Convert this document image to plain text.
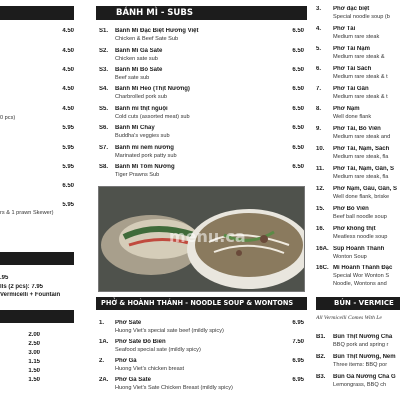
4.50
4.50
4.50
4.50
4.50
0 pcs)
5.95
5.95
5.95
6.50
5.95
rs & 1 prawn Skewer)
.95
lls (2 pcs): 7.95
Vermicelli + Fountain
2.00
2.50
3.00
1.15
1.50
1.50
BÁNH MÌ - SUBS
S1. Bánh Mì Đặc Biệt Hương Việt	6.50
Chicken & Beef Sate Sub
S2. Bánh Mì Gà Sate	6.50
Chicken sate sub
S3. Bánh Mì Bò Sate	6.50
Beef sate sub
S4. Bánh Mì Heo (Thịt Nướng)	6.50
Charbrolled pork sub
S5. Bánh mì thịt nguội	6.50
Cold cuts (assorted meat) sub
S6. Bánh Mì Chay	6.50
Buddha's veggies sub
S7. Bánh mì nem nướng	6.50
Marinated pork patty sub
S8. Bánh Mì Tôm Nướng	6.50
Tiger Prawns Sub
menu.ca
PHỞ & HOÀNH THÁNH - NOODLE SOUP & WONTONS
1. Phở Sate	6.95
Huong Viet's special sate beef (mildly spicy)
1A. Phở Sate Đồ Biển	7.50
Seafood special sate (mildly spicy)
2. Phở Gà	6.95
Huong Viet's chicken breast
2A. Phở Gà Sate	6.95
Huong Viet's Sate Chicken Breast (mildly spicy)
3. Phở đặc biệt
Special noodle soup (b
4. Phở Tái
Medium rare steak
5. Phở Tái Nạm
Medium rare steak &
6. Phở Tái Sách
Medium rare steak & t
7. Phở Tái Gân
Medium rare steak & t
8. Phở Nạm
Well done flank
9. Phở Tái, Bò Viên
Medium rare steak and
10. Phở Tái, Nạm, Sách
Medium rare steak, fla
11. Phở Tái, Nạm, Gân, S
Medium rare steak, fla
12. Phở Nạm, Gầu, Gân, S
Well done flank, briske
15. Phở Bò Viên
Beef ball noodle soup
16. Phở không thịt
Meatless noodle soup
16A. Súp Hoành Thánh
Wonton Soup
16C. Mì Hoành Thánh Đặc
Special Wor Wonton S
Noodle, Wontons and
BÚN - VERMICE
All Vermicelli Comes With Le
B1. Bún Thịt Nướng Chả
BBQ pork and spring r
B2. Bún Thịt Nướng, Nem
Three items: BBQ por
B3. Bún Gà Nướng Chả G
Lemongrass, BBQ ch
